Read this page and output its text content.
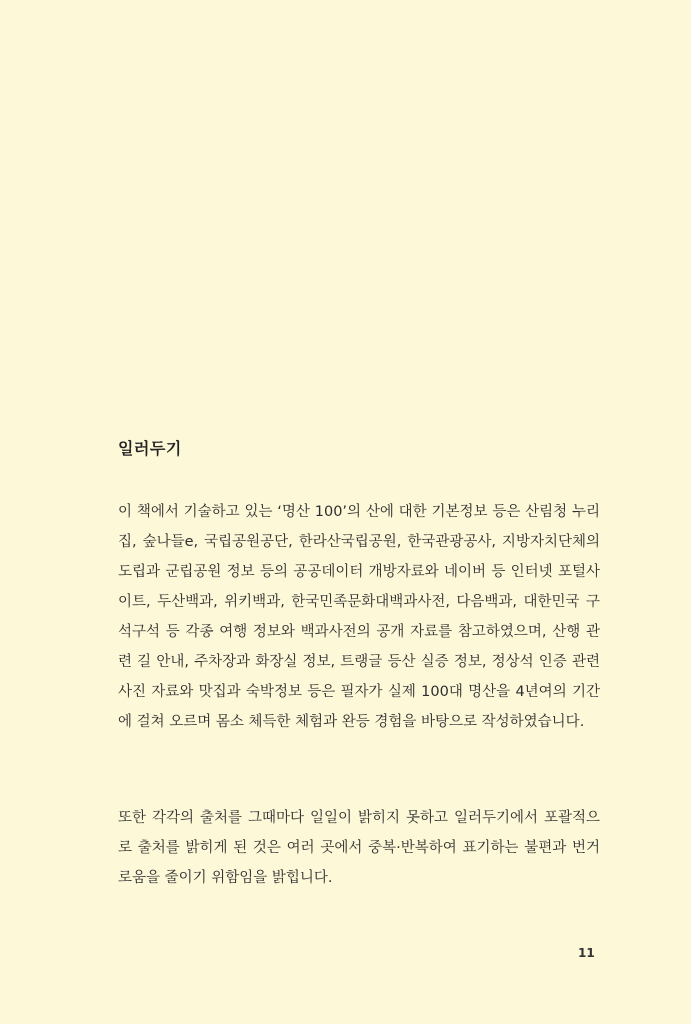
일러두기

이 책에서 기술하고 있는 ‘명산 100’의 산에 대한 기본정보 등은 산림청 누리집, 숲나들e, 국립공원공단, 한라산국립공원, 한국관광공사, 지방자치단체의 도립과 군립공원 정보 등의 공공데이터 개방자료와 네이버 등 인터넷 포털사이트, 두산백과, 위키백과, 한국민족문화대백과사전, 다음백과, 대한민국 구석구석 등 각종 여행 정보와 백과사전의 공개 자료를 참고하였으며, 산행 관련 길 안내, 주차장과 화장실 정보, 트랭글 등산 실증 정보, 정상석 인증 관련 사진 자료와 맛집과 숙박정보 등은 필자가 실제 100대 명산을 4년여의 기간에 걸쳐 오르며 몸소 체득한 체험과 완등 경험을 바탕으로 작성하였습니다.

또한 각각의 출처를 그때마다 일일이 밝히지 못하고 일러두기에서 포괄적으로 출처를 밝히게 된 것은 여러 곳에서 중복·반복하여 표기하는 불편과 번거로움을 줄이기 위함임을 밝힙니다.

11
